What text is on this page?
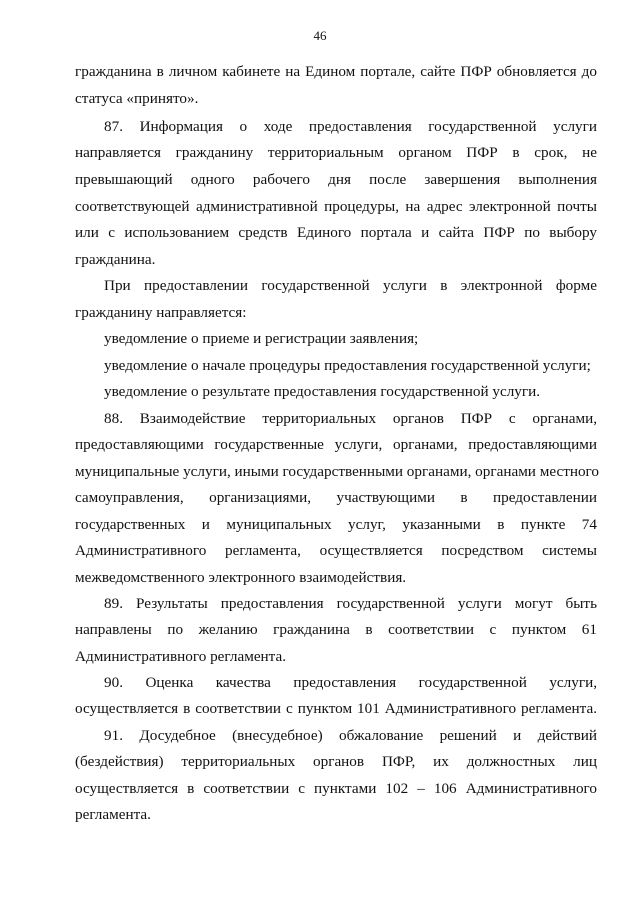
46
гражданина в личном кабинете на Едином портале, сайте ПФР обновляется до
статуса «принято».
87. Информация о ходе предоставления государственной услуги
направляется гражданину территориальным органом ПФР в срок, не
превышающий одного рабочего дня после завершения выполнения
соответствующей административной процедуры, на адрес электронной почты
или с использованием средств Единого портала и сайта ПФР по выбору
гражданина.
При предоставлении государственной услуги в электронной форме
гражданину направляется:
уведомление о приеме и регистрации заявления;
уведомление о начале процедуры предоставления государственной услуги;
уведомление о результате предоставления государственной услуги.
88. Взаимодействие территориальных органов ПФР с органами,
предоставляющими государственные услуги, органами, предоставляющими
муниципальные услуги, иными государственными органами, органами местного
самоуправления, организациями, участвующими в предоставлении
государственных и муниципальных услуг, указанными в пункте 74
Административного регламента, осуществляется посредством системы
межведомственного электронного взаимодействия.
89. Результаты предоставления государственной услуги могут быть
направлены по желанию гражданина в соответствии с пунктом 61
Административного регламента.
90. Оценка качества предоставления государственной услуги,
осуществляется в соответствии с пунктом 101 Административного регламента.
91. Досудебное (внесудебное) обжалование решений и действий
(бездействия) территориальных органов ПФР, их должностных лиц
осуществляется в соответствии с пунктами 102 – 106 Административного
регламента.
